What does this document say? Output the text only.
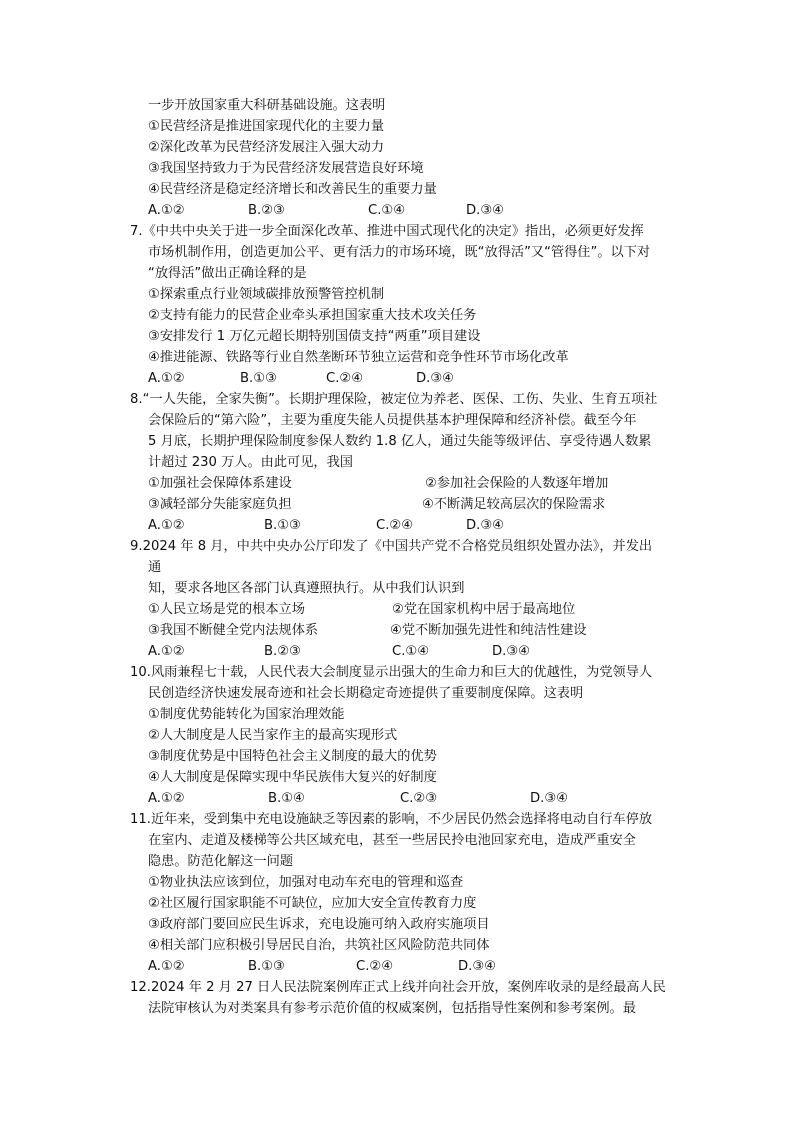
一步开放国家重大科研基础设施。这表明
①民营经济是推进国家现代化的主要力量
②深化改革为民营经济发展注入强大动力
③我国坚持致力于为民营经济发展营造良好环境
④民营经济是稳定经济增长和改善民生的重要力量
A.①②	B.②③	C.①④	D.③④
7.《中共中央关于进一步全面深化改革、推进中国式现代化的决定》指出，必须更好发挥
市场机制作用，创造更加公平、更有活力的市场环境，既“放得活”又“管得住”。以下对
“放得活”做出正确诠释的是
①探索重点行业领域碳排放预警管控机制
②支持有能力的民营企业牵头承担国家重大技术攻关任务
③安排发行 1 万亿元超长期特别国债支持“两重”项目建设
④推进能源、铁路等行业自然垄断环节独立运营和竞争性环节市场化改革
A.①②	B.①③	C.②④	D.③④
8.“一人失能，全家失衡”。长期护理保险，被定位为养老、医保、工伤、失业、生育五项社
会保险后的“第六险”，主要为重度失能人员提供基本护理保障和经济补偿。截至今年
5 月底，长期护理保险制度参保人数约 1.8 亿人，通过失能等级评估、享受待遇人数累
计超过 230 万人。由此可见，我国
①加强社会保障体系建设	②参加社会保险的人数逐年增加
③减轻部分失能家庭负担	④不断满足较高层次的保险需求
A.①②	B.①③	C.②④	D.③④
9.2024 年 8 月，中共中央办公厅印发了《中国共产党不合格党员组织处置办法》，并发出
通
知，要求各地区各部门认真遵照执行。从中我们认识到
①人民立场是党的根本立场	②党在国家机构中居于最高地位
③我国不断健全党内法规体系	④党不断加强先进性和纯洁性建设
A.①②	B.②③	C.①④	D.③④
10.风雨兼程七十载，人民代表大会制度显示出强大的生命力和巨大的优越性，为党领导人
民创造经济快速发展奇迹和社会长期稳定奇迹提供了重要制度保障。这表明
①制度优势能转化为国家治理效能
②人大制度是人民当家作主的最高实现形式
③制度优势是中国特色社会主义制度的最大的优势
④人大制度是保障实现中华民族伟大复兴的好制度
A.①②	B.①④	C.②③	D.③④
11.近年来，受到集中充电设施缺乏等因素的影响，不少居民仍然会选择将电动自行车停放
在室内、走道及楼梯等公共区域充电，甚至一些居民拎电池回家充电，造成严重安全
隐患。防范化解这一问题
①物业执法应该到位，加强对电动车充电的管理和巡查
②社区履行国家职能不可缺位，应加大安全宣传教育力度
③政府部门要回应民生诉求，充电设施可纳入政府实施项目
④相关部门应积极引导居民自治，共筑社区风险防范共同体
A.①②	B.①③	C.②④	D.③④
12.2024 年 2 月 27 日人民法院案例库正式上线并向社会开放，案例库收录的是经最高人民
法院审核认为对类案具有参考示范价值的权威案例，包括指导性案例和参考案例。最
